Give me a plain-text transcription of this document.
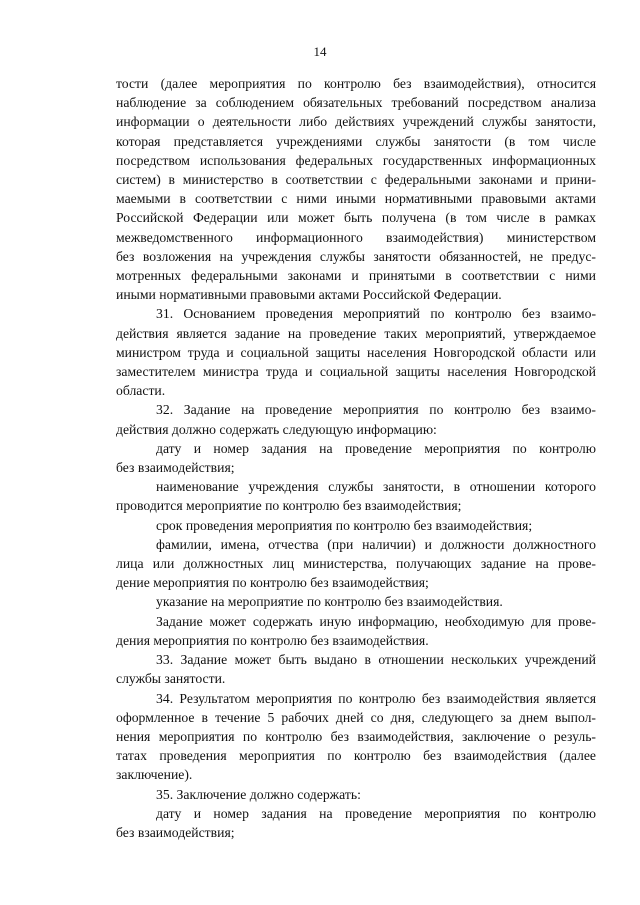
14
тости (далее мероприятия по контролю без взаимодействия), относится
наблюдение за соблюдением обязательных требований посредством анализа
информации о деятельности либо действиях учреждений службы занятости,
которая представляется учреждениями службы занятости (в том числе
посредством использования федеральных государственных информационных
систем) в министерство в соответствии с федеральными законами и прини-
маемыми в соответствии с ними иными нормативными правовыми актами
Российской Федерации или может быть получена (в том числе в рамках
межведомственного информационного взаимодействия) министерством
без возложения на учреждения службы занятости обязанностей, не предус-
мотренных федеральными законами и принятыми в соответствии с ними
иными нормативными правовыми актами Российской Федерации.
31. Основанием проведения мероприятий по контролю без взаимо-
действия является задание на проведение таких мероприятий, утверждаемое
министром труда и социальной защиты населения Новгородской области или
заместителем министра труда и социальной защиты населения Новгородской
области.
32. Задание на проведение мероприятия по контролю без взаимо-
действия должно содержать следующую информацию:
дату и номер задания на проведение мероприятия по контролю
без взаимодействия;
наименование учреждения службы занятости, в отношении которого
проводится мероприятие по контролю без взаимодействия;
срок проведения мероприятия по контролю без взаимодействия;
фамилии, имена, отчества (при наличии) и должности должностного
лица или должностных лиц министерства, получающих задание на прове-
дение мероприятия по контролю без взаимодействия;
указание на мероприятие по контролю без взаимодействия.
Задание может содержать иную информацию, необходимую для прове-
дения мероприятия по контролю без взаимодействия.
33. Задание может быть выдано в отношении нескольких учреждений
службы занятости.
34. Результатом мероприятия по контролю без взаимодействия является
оформленное в течение 5 рабочих дней со дня, следующего за днем выпол-
нения мероприятия по контролю без взаимодействия, заключение о резуль-
татах проведения мероприятия по контролю без взаимодействия (далее
заключение).
35. Заключение должно содержать:
дату и номер задания на проведение мероприятия по контролю
без взаимодействия;
